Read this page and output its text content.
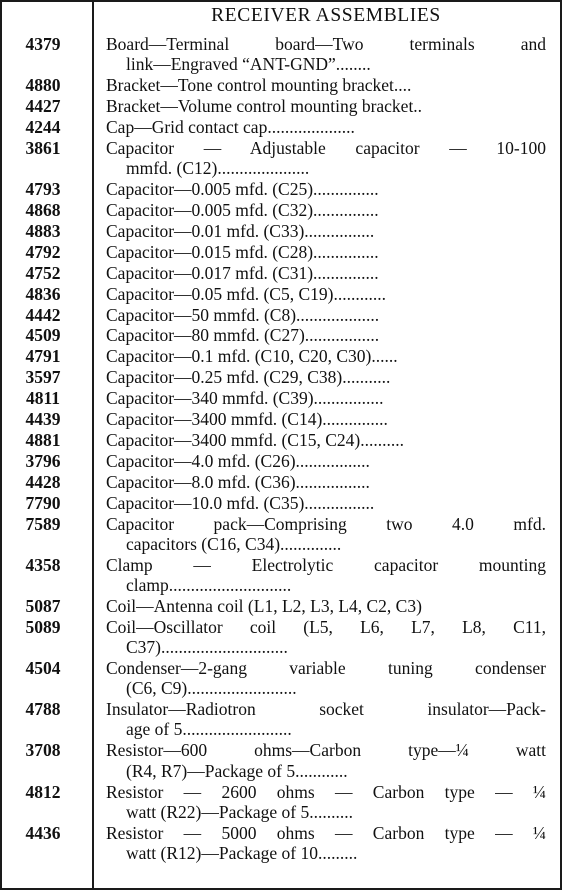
RECEIVER ASSEMBLIES
4379	Board—Terminal board—Two terminals and
link—Engraved “ANT-GND”........
4880	Bracket—Tone control mounting bracket....
4427	Bracket—Volume control mounting bracket..
4244	Cap—Grid contact cap....................
3861	Capacitor — Adjustable capacitor — 10-100
mmfd. (C12).....................
4793	Capacitor—0.005 mfd. (C25)...............
4868	Capacitor—0.005 mfd. (C32)...............
4883	Capacitor—0.01 mfd. (C33)................
4792	Capacitor—0.015 mfd. (C28)...............
4752	Capacitor—0.017 mfd. (C31)...............
4836	Capacitor—0.05 mfd. (C5, C19)............
4442	Capacitor—50 mmfd. (C8)...................
4509	Capacitor—80 mmfd. (C27).................
4791	Capacitor—0.1 mfd. (C10, C20, C30)......
3597	Capacitor—0.25 mfd. (C29, C38)...........
4811	Capacitor—340 mmfd. (C39)................
4439	Capacitor—3400 mmfd. (C14)...............
4881	Capacitor—3400 mmfd. (C15, C24)..........
3796	Capacitor—4.0 mfd. (C26).................
4428	Capacitor—8.0 mfd. (C36).................
7790	Capacitor—10.0 mfd. (C35)................
7589	Capacitor pack—Comprising two 4.0 mfd.
capacitors (C16, C34)..............
4358	Clamp — Electrolytic capacitor mounting
clamp............................
5087	Coil—Antenna coil (L1, L2, L3, L4, C2, C3)
5089	Coil—Oscillator coil (L5, L6, L7, L8, C11,
C37).............................
4504	Condenser—2-gang variable tuning condenser
(C6, C9).........................
4788	Insulator—Radiotron socket insulator—Pack-
age of 5.........................
3708	Resistor—600 ohms—Carbon type—¼ watt
(R4, R7)—Package of 5............
4812	Resistor — 2600 ohms — Carbon type — ¼
watt (R22)—Package of 5..........
4436	Resistor — 5000 ohms — Carbon type — ¼
watt (R12)—Package of 10.........
